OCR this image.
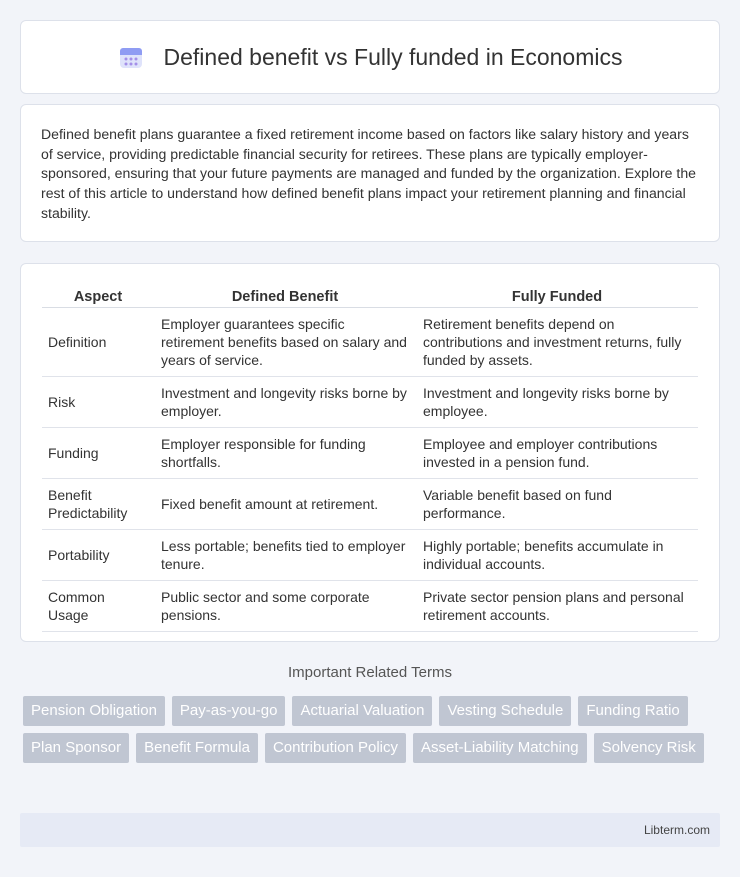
Defined benefit vs Fully funded in Economics

Defined benefit plans guarantee a fixed retirement income based on factors like salary history and years of service, providing predictable financial security for retirees. These plans are typically employer-sponsored, ensuring that your future payments are managed and funded by the organization. Explore the rest of this article to understand how defined benefit plans impact your retirement planning and financial stability.

Aspect	Defined Benefit	Fully Funded
Definition	Employer guarantees specific retirement benefits based on salary and years of service.	Retirement benefits depend on contributions and investment returns, fully funded by assets.
Risk	Investment and longevity risks borne by employer.	Investment and longevity risks borne by employee.
Funding	Employer responsible for funding shortfalls.	Employee and employer contributions invested in a pension fund.
Benefit Predictability	Fixed benefit amount at retirement.	Variable benefit based on fund performance.
Portability	Less portable; benefits tied to employer tenure.	Highly portable; benefits accumulate in individual accounts.
Common Usage	Public sector and some corporate pensions.	Private sector pension plans and personal retirement accounts.
Important Related Terms
Pension Obligation	Pay-as-you-go	Actuarial Valuation	Vesting Schedule	Funding Ratio
Plan Sponsor	Benefit Formula	Contribution Policy	Asset-Liability Matching	Solvency Risk
Libterm.com
